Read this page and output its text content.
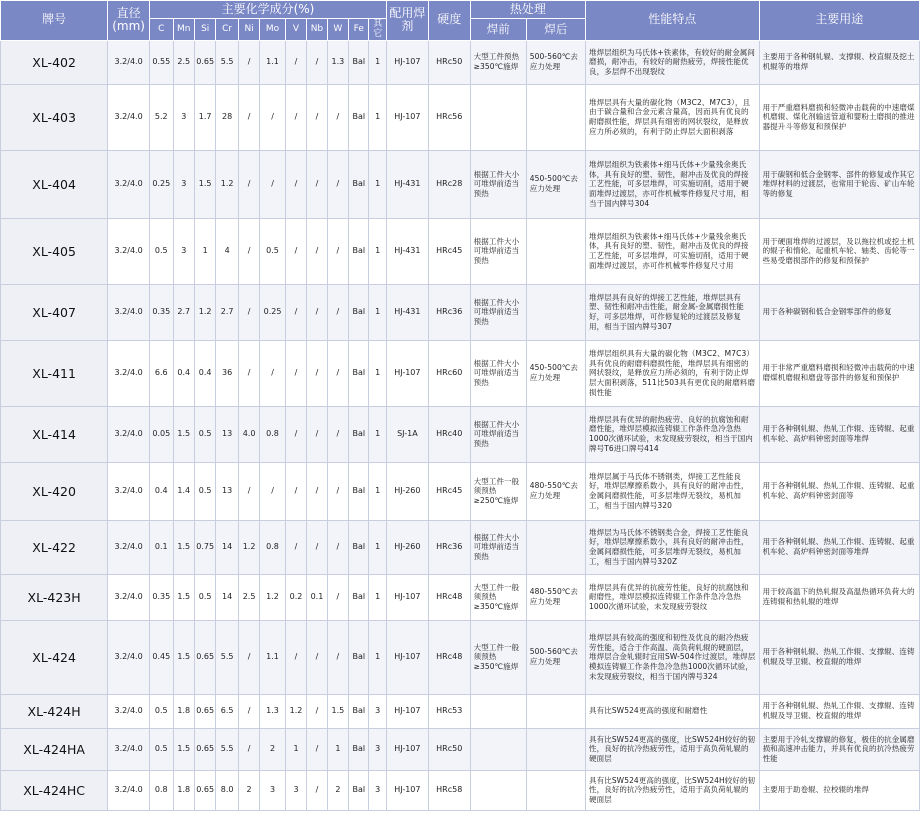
牌号	直径
(mm)	主要化学成分(%)											配用焊剂	硬度	热处理		性能特点	主要用途
		C	Mn	Si	Cr	Ni	Mo	V	Nb	W	Fe	其它			焊前	焊后		
XL-402	3.2/4.0	0.55	2.5	0.65	5.5	/	1.1	/	/	1.3	Bal	1	HJ-107	HRc50	大型工件预热≥350℃施焊	500-560℃去应力处理	堆焊层组织为马氏体+铁素体，有较好的耐金属间磨损，耐冲击，有较好的耐热疲劳，焊接性能优良，多层焊不出现裂纹	主要用于各种钢轧辊、支撑辊、校直辊及挖土机辊等的堆焊
XL-403	3.2/4.0	5.2	3	1.7	28	/	/	/	/	/	Bal	1	HJ-107	HRc56			堆焊层具有大量的碳化物（M3C2、M7C3），且由于碳合量和合金元素含量高，因而具有优良的耐磨损性能，焊层具有细密的网状裂纹，是释放应力所必须的，有利于防止焊层大面积剥落	用于严重磨料磨损和轻微冲击载荷的中速磨煤机磨辊、煤化剂输送管道和婴粉土磨损的推进器提升斗等修复和预保护
XL-404	3.2/4.0	0.25	3	1.5	1.2	/	/	/	/	/	Bal	1	HJ-431	HRc28	根据工件大小可堆焊前适当预热	450-500℃去应力处理	堆焊层组织为铁素体+细马氏体+少量残余奥氏体，具有良好的塑、韧性，耐冲击及优良的焊接工艺性能，可多层堆焊，可实施切削，适用于硬面堆焊过渡层，亦可作机械零件修复尺寸用，相当于国内牌号304	用于碳钢和低合金钢零、部件的修复或作其它堆焊材料的过渡层，也常用于轮齿、矿山车轮等的修复
XL-405	3.2/4.0	0.5	3	1	4	/	0.5	/	/	/	Bal	1	HJ-431	HRc45	根据工件大小可堆焊前适当预热		堆焊层组织为铁素体+细马氏体+少量残余奥氏体，具有良好的塑、韧性，耐冲击及优良的焊接工艺性能，可多层堆焊，可实施切削，适用于硬面堆焊过渡层，亦可作机械零件修复尺寸用	用于硬面堆焊的过渡层，及以拖拉机或挖土机的辊子和惰轮、起重机车轮、轴类、齿轮等一些易受磨损部件的修复和预保护
XL-407	3.2/4.0	0.35	2.7	1.2	2.7	/	0.25	/	/	/	Bal	1	HJ-431	HRc36	根据工件大小可堆焊前适当预热		堆焊层具有良好的焊接工艺性能，堆焊层具有塑、韧性和耐冲击性能，耐金属-金属磨损性能好，可多层堆焊，可作修复轮的过渡层及修复用，相当于国内牌号307	用于各种碳钢和低合金钢零部件的修复
XL-411	3.2/4.0	6.6	0.4	0.4	36	/	/	/	/	/	Bal	1	HJ-107	HRc60	根据工件大小可堆焊前适当预热	450-500℃去应力处理	堆焊层组织具有大量的碳化物（M3C2、M7C3）具有优良的耐磨料磨损性能，堆焊层具有细密的网状裂纹，是释放应力所必须的，有利于防止焊层大面积剥落，511比503具有更优良的耐磨料磨损性能	用于非常严重磨料磨损和轻微冲击载荷的中速磨煤机磨辊和磨盘等部件的修复和预保护
XL-414	3.2/4.0	0.05	1.5	0.5	13	4.0	0.8	/	/	/	Bal	1	SJ-1A	HRc40	根据工件大小可堆焊前适当预热		堆焊层具有优异的耐热疲劳、良好的抗腐蚀和耐磨性能，堆焊层模拟连铸辊工作条件急冷急热1000次循环试验，未发现疲劳裂纹，相当于国内牌号T6进口牌号414	用于各种钢轧辊、热轧工作辊、连铸辊、起重机车轮、高炉料钟密封面等堆焊
XL-420	3.2/4.0	0.4	1.4	0.5	13	/	/	/	/	/	Bal	1	HJ-260	HRc45	大型工件一般须预热≥250℃施焊	480-550℃去应力处理	堆焊层属于马氏体不锈钢类，焊接工艺性能良好，堆焊层摩擦系数小，具有良好的耐冲击性，金属间磨损性能，可多层堆焊无裂纹，易机加工，相当于国内牌号320	用于各种钢轧辊、热轧工作辊、连铸辊、起重机车轮、高炉料钟密封面等
XL-422	3.2/4.0	0.1	1.5	0.75	14	1.2	0.8	/	/	/	Bal	1	HJ-260	HRc36	根据工件大小可堆焊前适当预热		堆焊层为马氏体不锈钢类合金，焊接工艺性能良好，堆焊层摩擦系数小，具有良好的耐冲击性，金属间磨损性能，可多层堆焊无裂纹，易机加工，相当于国内牌号320Z	用于各种钢轧辊、热轧工作辊、连铸辊、起重机车轮、高炉料钟密封面等堆焊
XL-423H	3.2/4.0	0.35	1.5	0.5	14	2.5	1.2	0.2	0.1	/	Bal	1	HJ-107	HRc48	大型工件一般须预热≥350℃施焊	480-550℃去应力处理	堆焊层具有优异的抗疲劳性能，良好的抗腐蚀和耐磨性，堆焊层模拟连铸辊工作条件急冷急热1000次循环试验，未发现疲劳裂纹	用于较高温下的热轧辊及高温热循环负荷大的连铸辊和热轧辊的堆焊
XL-424	3.2/4.0	0.45	1.5	0.65	5.5	/	1.1	/	/	/	Bal	1	HJ-107	HRc48	大型工件一般须预热≥350℃施焊	500-560℃去应力处理	堆焊层具有较高的强度和韧性及优良的耐冷热疲劳性能，适合于作高温、高负荷轧辊的硬面层，堆焊层合金轧辊时宜用SW-504作过渡层，堆焊层模拟连铸辊工作条件急冷急热1000次循环试验，未发现疲劳裂纹，相当于国内牌号324	用于各种钢轧辊、热轧工作辊、支撑辊、连铸机辊及导卫辊、校直辊的堆焊
XL-424H	3.2/4.0	0.5	1.8	0.65	6.5	/	1.3	1.2	/	1.5	Bal	3	HJ-107	HRc53			具有比SW524更高的强度和耐磨性	用于各种钢轧辊、热轧工作辊、支撑辊、连铸机辊及导卫辊、校直辊的堆焊
XL-424HA	3.2/4.0	0.5	1.5	0.65	5.5	/	2	1	/	1	Bal	3	HJ-107	HRc50			具有比SW524更高的强度，比SW524H较好的韧性，良好的抗冷热疲劳性，适用于高负荷轧辊的硬面层	主要用于冷轧支撑辊的修复，极佳的抗金属磨损和高速冲击能力，并具有优良的抗冷热疲劳性能
XL-424HC	3.2/4.0	0.8	1.8	0.65	8.0	2	3	3	/	2	Bal	3	HJ-107	HRc58			具有比SW524更高的强度，比SW524H较好的韧性，良好的抗冷热疲劳性，适用于高负荷轧辊的硬面层	主要用于助卷辊、拉校辊的堆焊
